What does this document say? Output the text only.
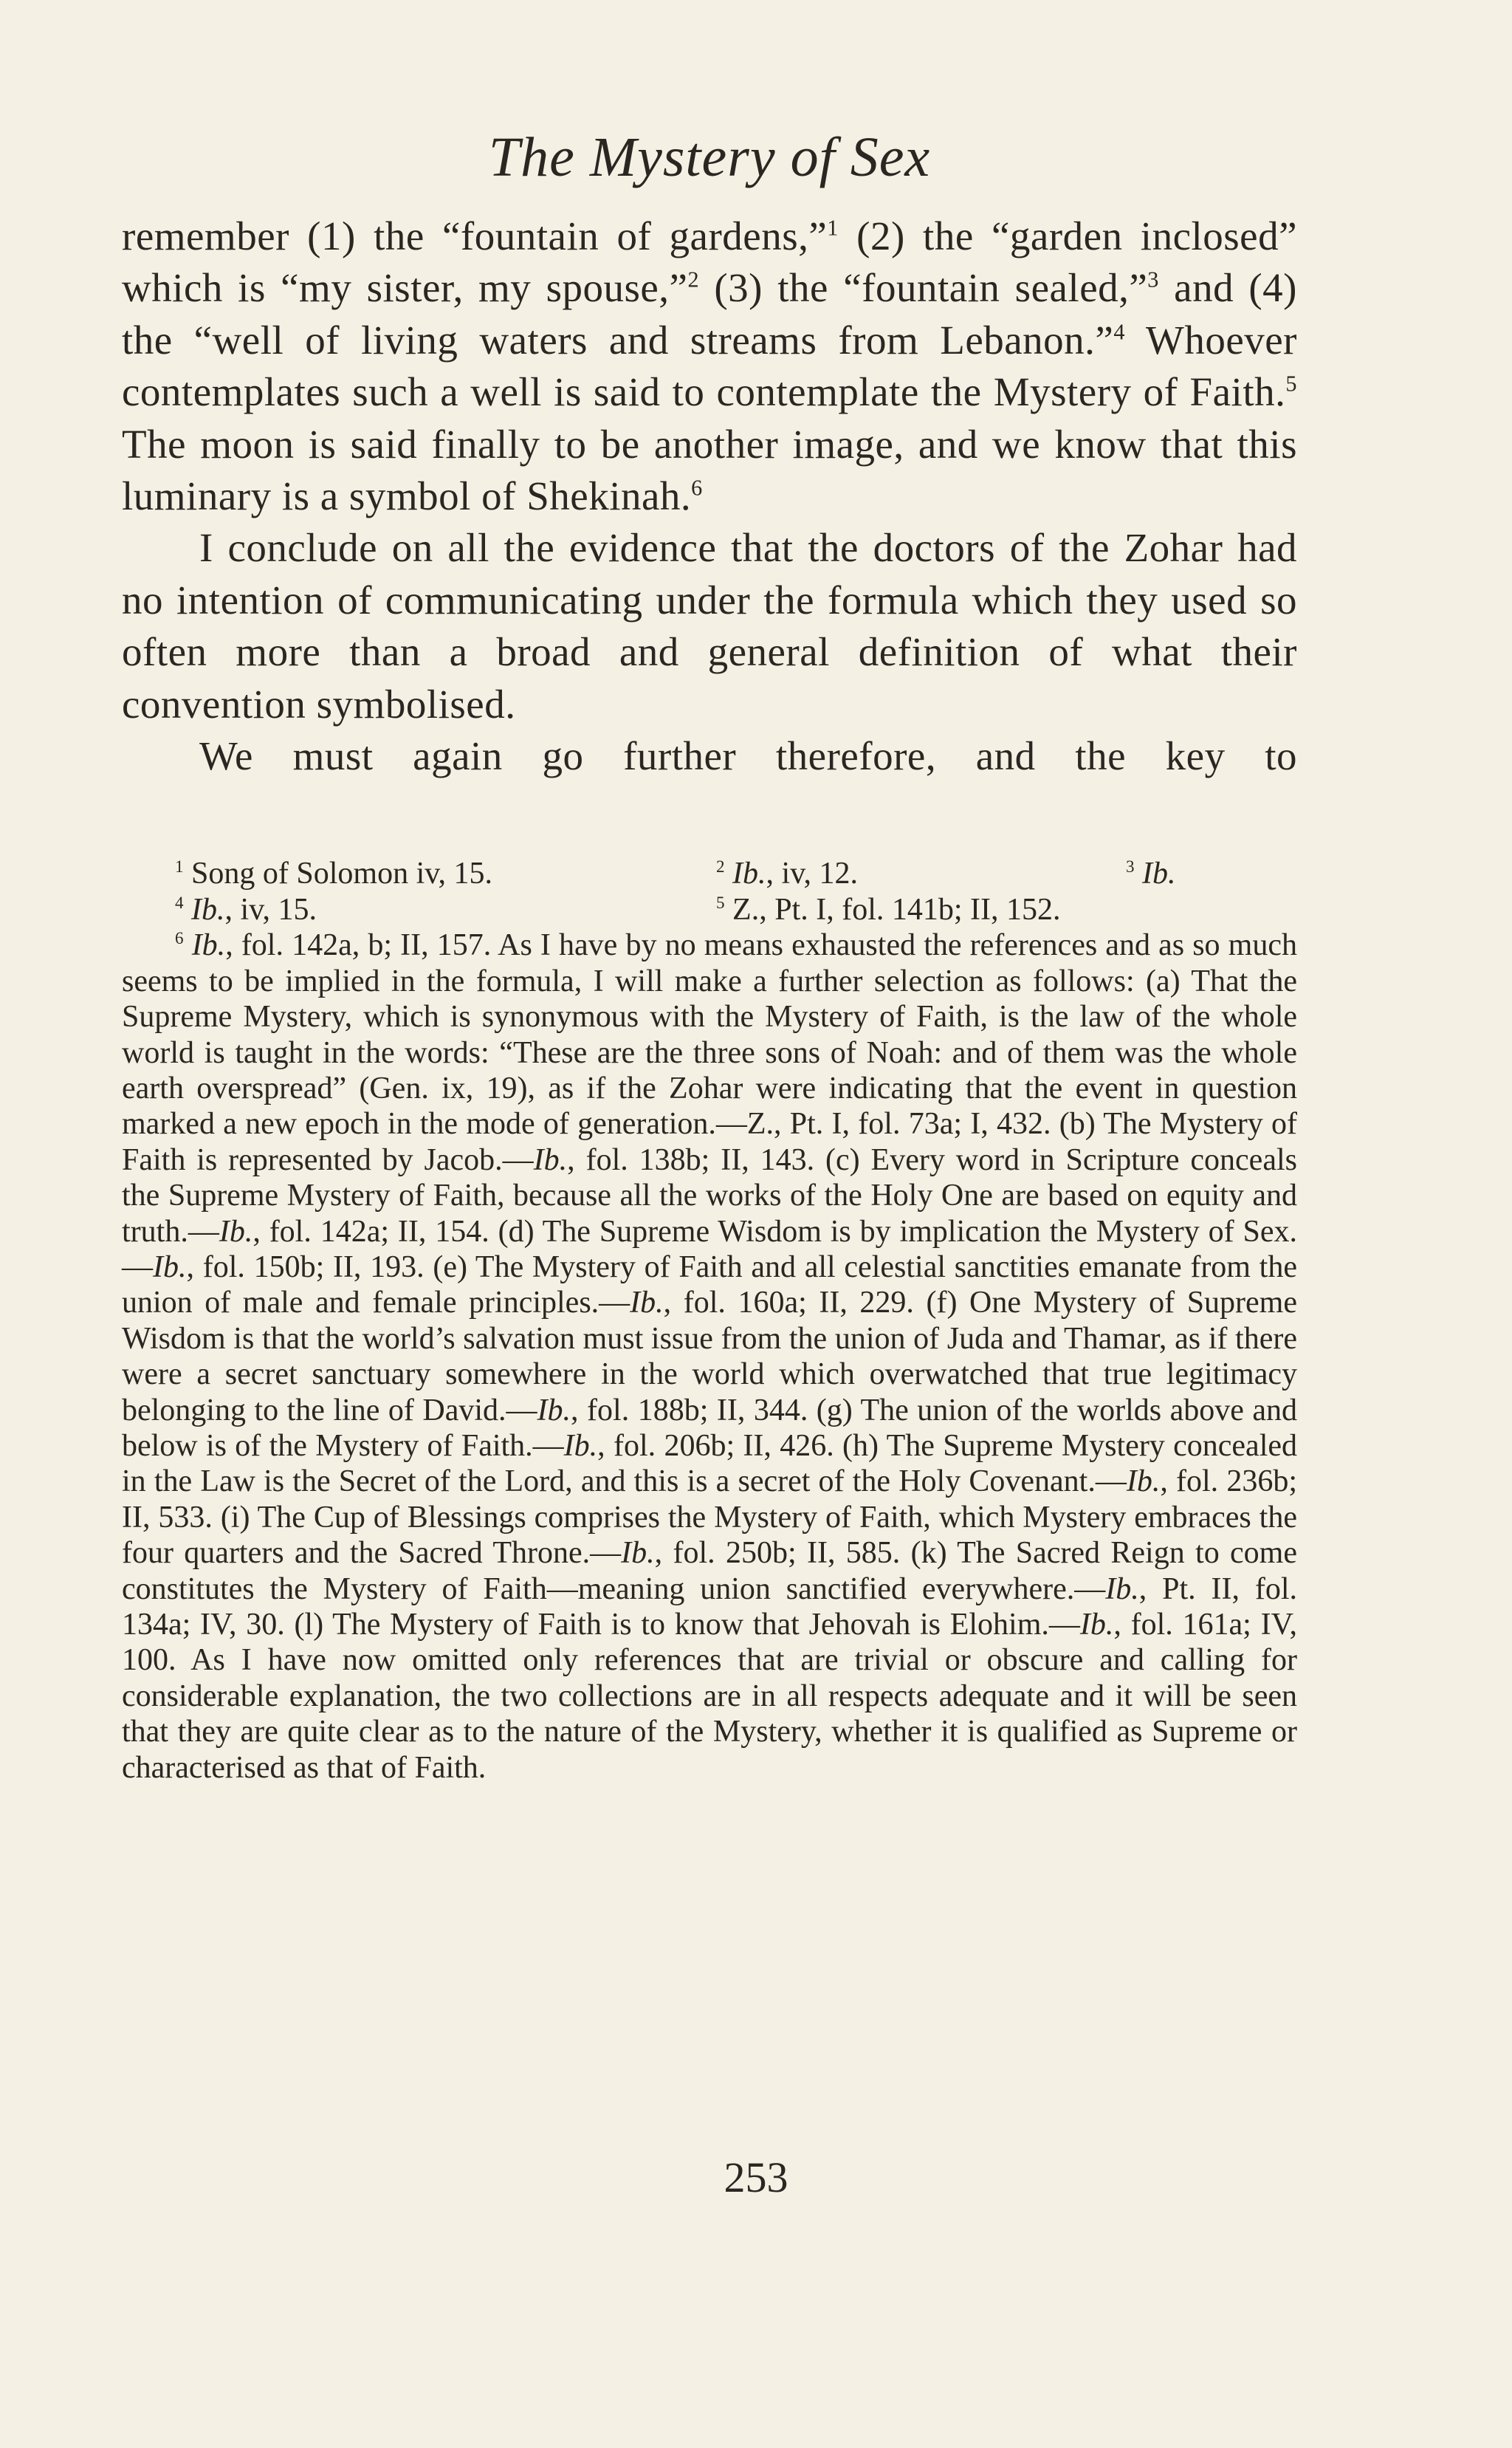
The Mystery of Sex

remember (1) the “fountain of gardens,”$^1$ (2) the “garden inclosed” which is “my sister, my spouse,”$^2$ (3) the “fountain sealed,”$^3$ and (4) the “well of living waters and streams from Lebanon.”$^4$ Whoever contemplates such a well is said to contemplate the Mystery of Faith.$^5$ The moon is said finally to be another image, and we know that this luminary is a symbol of Shekinah.$^6$

I conclude on all the evidence that the doctors of the Zohar had no intention of communicating under the formula which they used so often more than a broad and general definition of what their convention symbolised.

We must again go further therefore, and the key to

$^1$ Song of Solomon iv, 15.	$^2$ Ib., iv, 12.	$^3$ Ib.
$^4$ Ib., iv, 15.	$^5$ Z., Pt. I, fol. 141b; II, 152.

$^6$ Ib., fol. 142a, b; II, 157. As I have by no means exhausted the references and as so much seems to be implied in the formula, I will make a further selection as follows: (a) That the Supreme Mystery, which is synonymous with the Mystery of Faith, is the law of the whole world is taught in the words: “These are the three sons of Noah: and of them was the whole earth overspread” (Gen. ix, 19), as if the Zohar were indicating that the event in question marked a new epoch in the mode of generation.—Z., Pt. I, fol. 73a; I, 432. (b) The Mystery of Faith is represented by Jacob.—Ib., fol. 138b; II, 143. (c) Every word in Scripture conceals the Supreme Mystery of Faith, because all the works of the Holy One are based on equity and truth.—Ib., fol. 142a; II, 154. (d) The Supreme Wisdom is by implication the Mystery of Sex.—Ib., fol. 150b; II, 193. (e) The Mystery of Faith and all celestial sanctities emanate from the union of male and female principles.—Ib., fol. 160a; II, 229. (f) One Mystery of Supreme Wisdom is that the world’s salvation must issue from the union of Juda and Thamar, as if there were a secret sanctuary somewhere in the world which overwatched that true legitimacy belonging to the line of David.—Ib., fol. 188b; II, 344. (g) The union of the worlds above and below is of the Mystery of Faith.—Ib., fol. 206b; II, 426. (h) The Supreme Mystery concealed in the Law is the Secret of the Lord, and this is a secret of the Holy Covenant.—Ib., fol. 236b; II, 533. (i) The Cup of Blessings comprises the Mystery of Faith, which Mystery embraces the four quarters and the Sacred Throne.—Ib., fol. 250b; II, 585. (k) The Sacred Reign to come constitutes the Mystery of Faith—meaning union sanctified everywhere.—Ib., Pt. II, fol. 134a; IV, 30. (l) The Mystery of Faith is to know that Jehovah is Elohim.—Ib., fol. 161a; IV, 100. As I have now omitted only references that are trivial or obscure and calling for considerable explanation, the two collections are in all respects adequate and it will be seen that they are quite clear as to the nature of the Mystery, whether it is qualified as Supreme or characterised as that of Faith.

253
